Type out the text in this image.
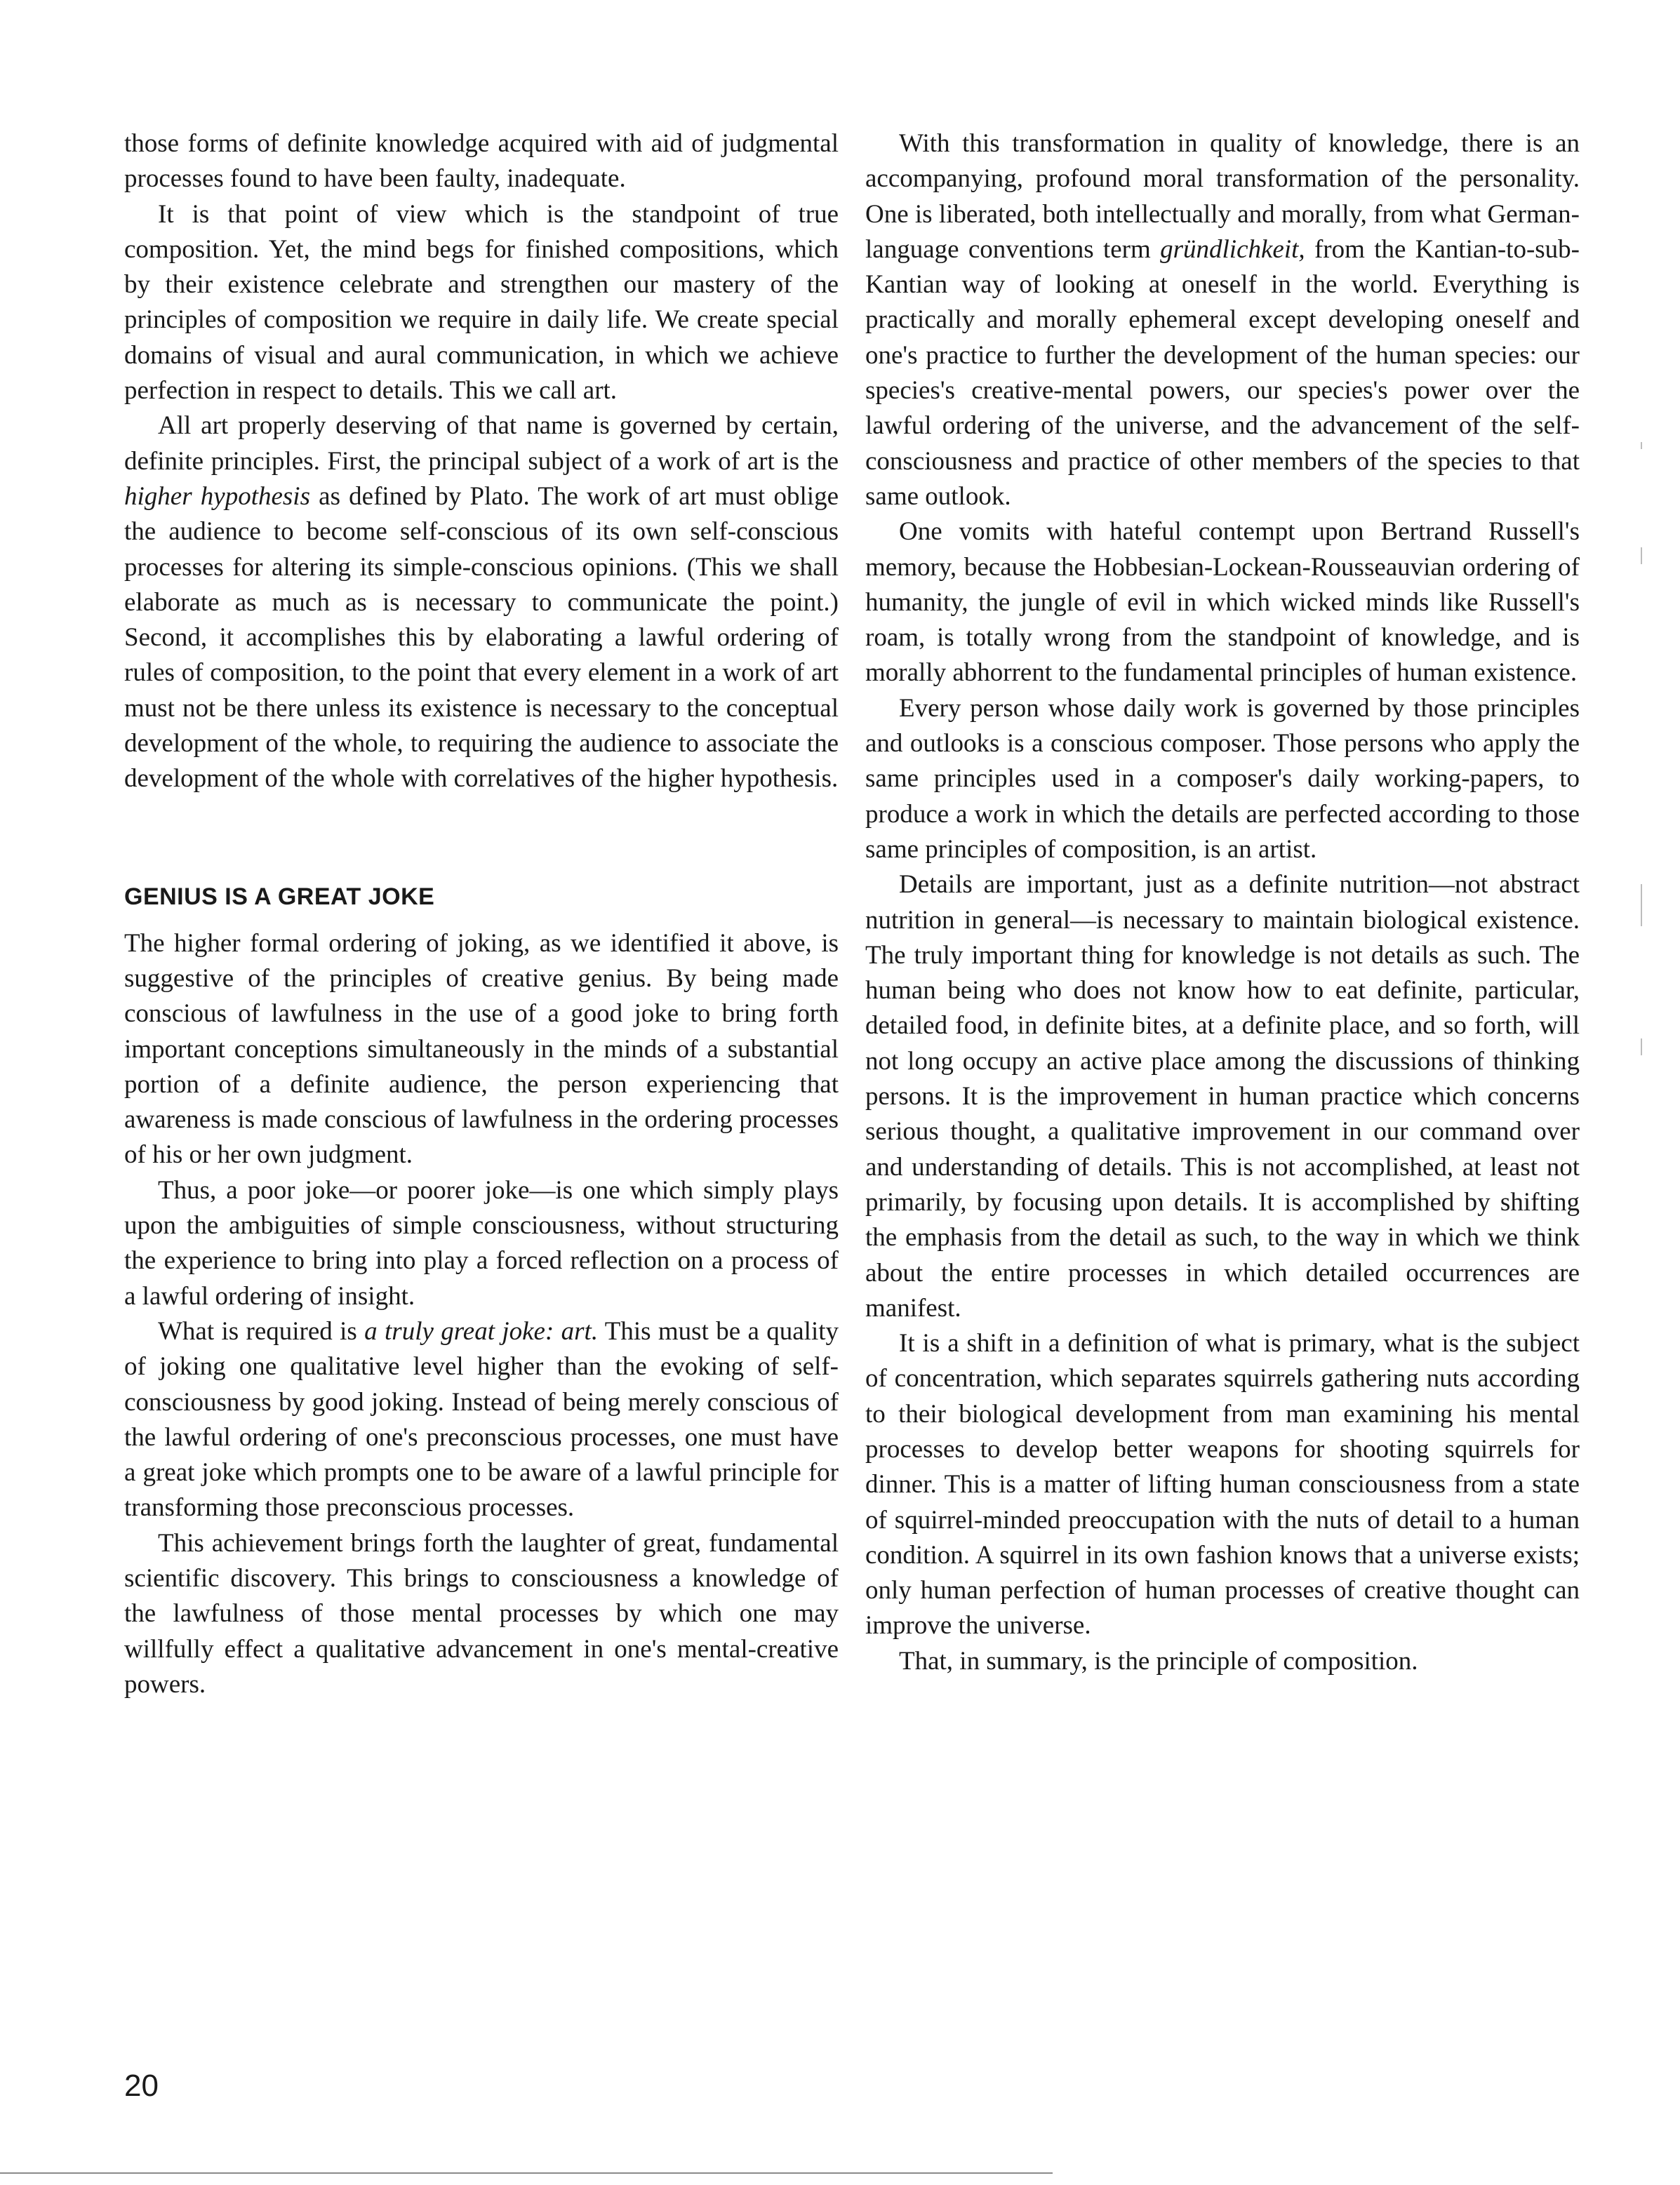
those forms of definite knowledge acquired with aid of judgmental processes found to have been faulty, inadequate.

It is that point of view which is the standpoint of true composition. Yet, the mind begs for finished compositions, which by their existence celebrate and strengthen our mastery of the principles of composition we require in daily life. We create special domains of visual and aural communication, in which we achieve perfection in respect to details. This we call art.

All art properly deserving of that name is governed by certain, definite principles. First, the principal subject of a work of art is the higher hypothesis as defined by Plato. The work of art must oblige the audience to become self-conscious of its own self-conscious processes for altering its simple-conscious opinions. (This we shall elaborate as much as is necessary to communicate the point.) Second, it accomplishes this by elaborating a lawful ordering of rules of composition, to the point that every element in a work of art must not be there unless its existence is necessary to the conceptual development of the whole, to requiring the audience to associate the development of the whole with correlatives of the higher hypothesis.

GENIUS IS A GREAT JOKE

The higher formal ordering of joking, as we identified it above, is suggestive of the principles of creative genius. By being made conscious of lawfulness in the use of a good joke to bring forth important conceptions simultaneously in the minds of a substantial portion of a definite audience, the person experiencing that awareness is made conscious of lawfulness in the ordering processes of his or her own judgment.

Thus, a poor joke—or poorer joke—is one which simply plays upon the ambiguities of simple consciousness, without structuring the experience to bring into play a forced reflection on a process of a lawful ordering of insight.

What is required is a truly great joke: art. This must be a quality of joking one qualitative level higher than the evoking of self-consciousness by good joking. Instead of being merely conscious of the lawful ordering of one's preconscious processes, one must have a great joke which prompts one to be aware of a lawful principle for transforming those preconscious processes.

This achievement brings forth the laughter of great, fundamental scientific discovery. This brings to consciousness a knowledge of the lawfulness of those mental processes by which one may willfully effect a qualitative advancement in one's mental-creative powers.

With this transformation in quality of knowledge, there is an accompanying, profound moral transformation of the personality. One is liberated, both intellectually and morally, from what German-language conventions term gründlichkeit, from the Kantian-to-sub-Kantian way of looking at oneself in the world. Everything is practically and morally ephemeral except developing oneself and one's practice to further the development of the human species: our species's creative-mental powers, our species's power over the lawful ordering of the universe, and the advancement of the self-consciousness and practice of other members of the species to that same outlook.

One vomits with hateful contempt upon Bertrand Russell's memory, because the Hobbesian-Lockean-Rousseauvian ordering of humanity, the jungle of evil in which wicked minds like Russell's roam, is totally wrong from the standpoint of knowledge, and is morally abhorrent to the fundamental principles of human existence.

Every person whose daily work is governed by those principles and outlooks is a conscious composer. Those persons who apply the same principles used in a composer's daily working-papers, to produce a work in which the details are perfected according to those same principles of composition, is an artist.

Details are important, just as a definite nutrition—not abstract nutrition in general—is necessary to maintain biological existence. The truly important thing for knowledge is not details as such. The human being who does not know how to eat definite, particular, detailed food, in definite bites, at a definite place, and so forth, will not long occupy an active place among the discussions of thinking persons. It is the improvement in human practice which concerns serious thought, a qualitative improvement in our command over and understanding of details. This is not accomplished, at least not primarily, by focusing upon details. It is accomplished by shifting the emphasis from the detail as such, to the way in which we think about the entire processes in which detailed occurrences are manifest.

It is a shift in a definition of what is primary, what is the subject of concentration, which separates squirrels gathering nuts according to their biological development from man examining his mental processes to develop better weapons for shooting squirrels for dinner. This is a matter of lifting human consciousness from a state of squirrel-minded preoccupation with the nuts of detail to a human condition. A squirrel in its own fashion knows that a universe exists; only human perfection of human processes of creative thought can improve the universe.

That, in summary, is the principle of composition.

20
